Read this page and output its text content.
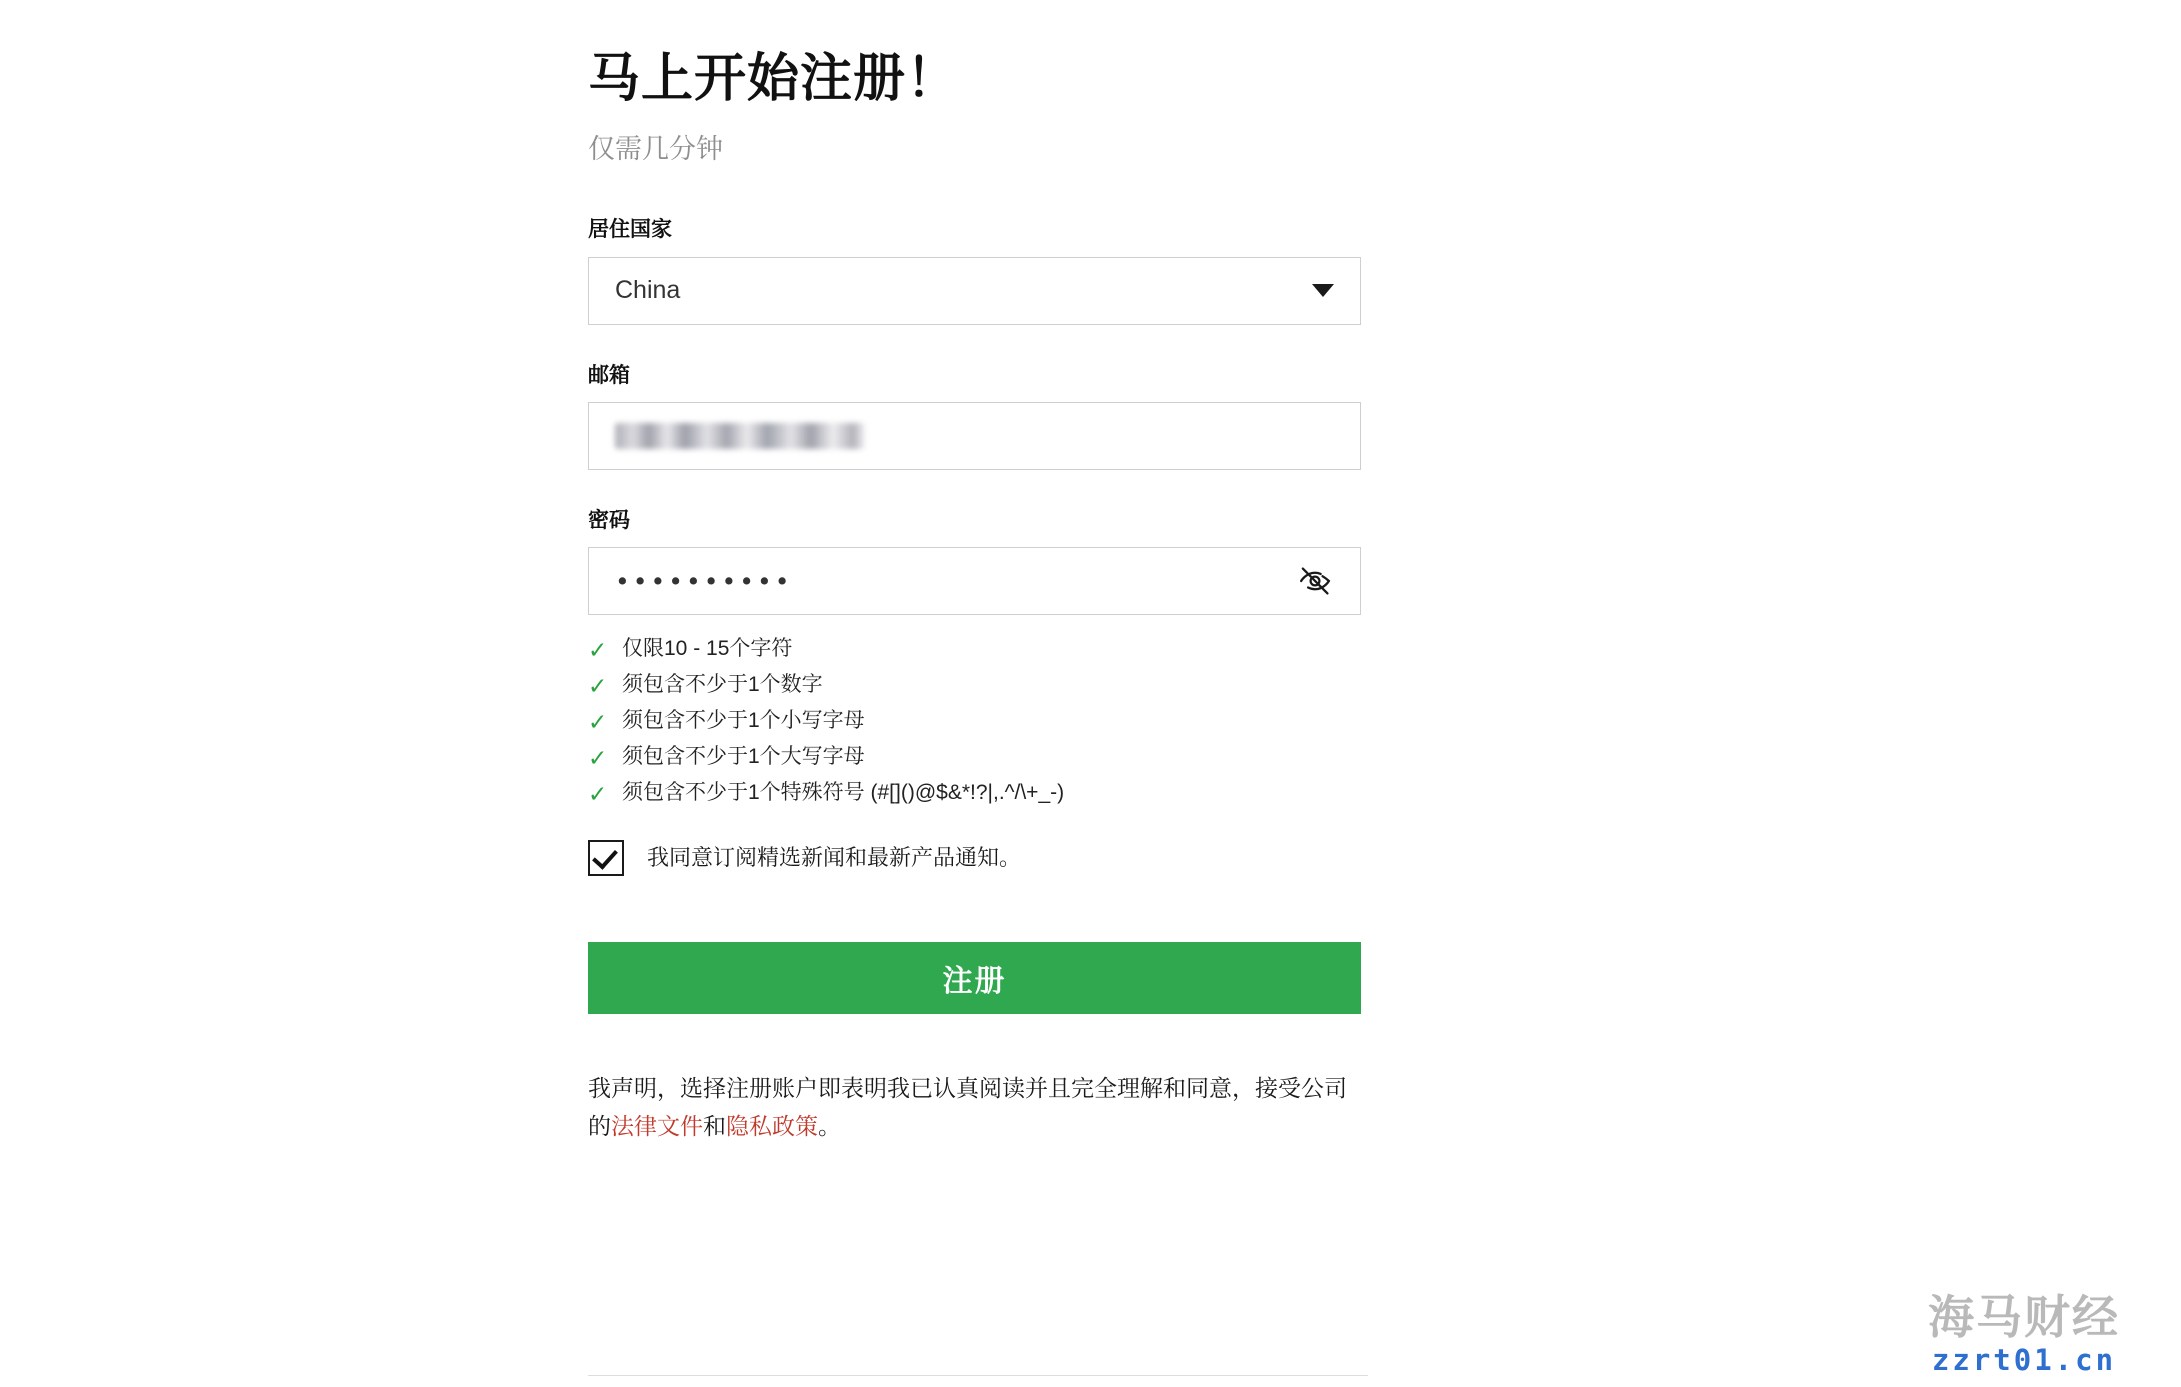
马上开始注册！

仅需几分钟

居住国家
China
邮箱
密码
••••••••••
✓ 仅限10 - 15个字符
✓ 须包含不少于1个数字
✓ 须包含不少于1个小写字母
✓ 须包含不少于1个大写字母
✓ 须包含不少于1个特殊符号 (#[]()@$&*!?|,.^/\+_-)
我同意订阅精选新闻和最新产品通知。
注册
我声明，选择注册账户即表明我已认真阅读并且完全理解和同意，接受公司的法律文件和隐私政策。
海马财经
zzrt01.cn
